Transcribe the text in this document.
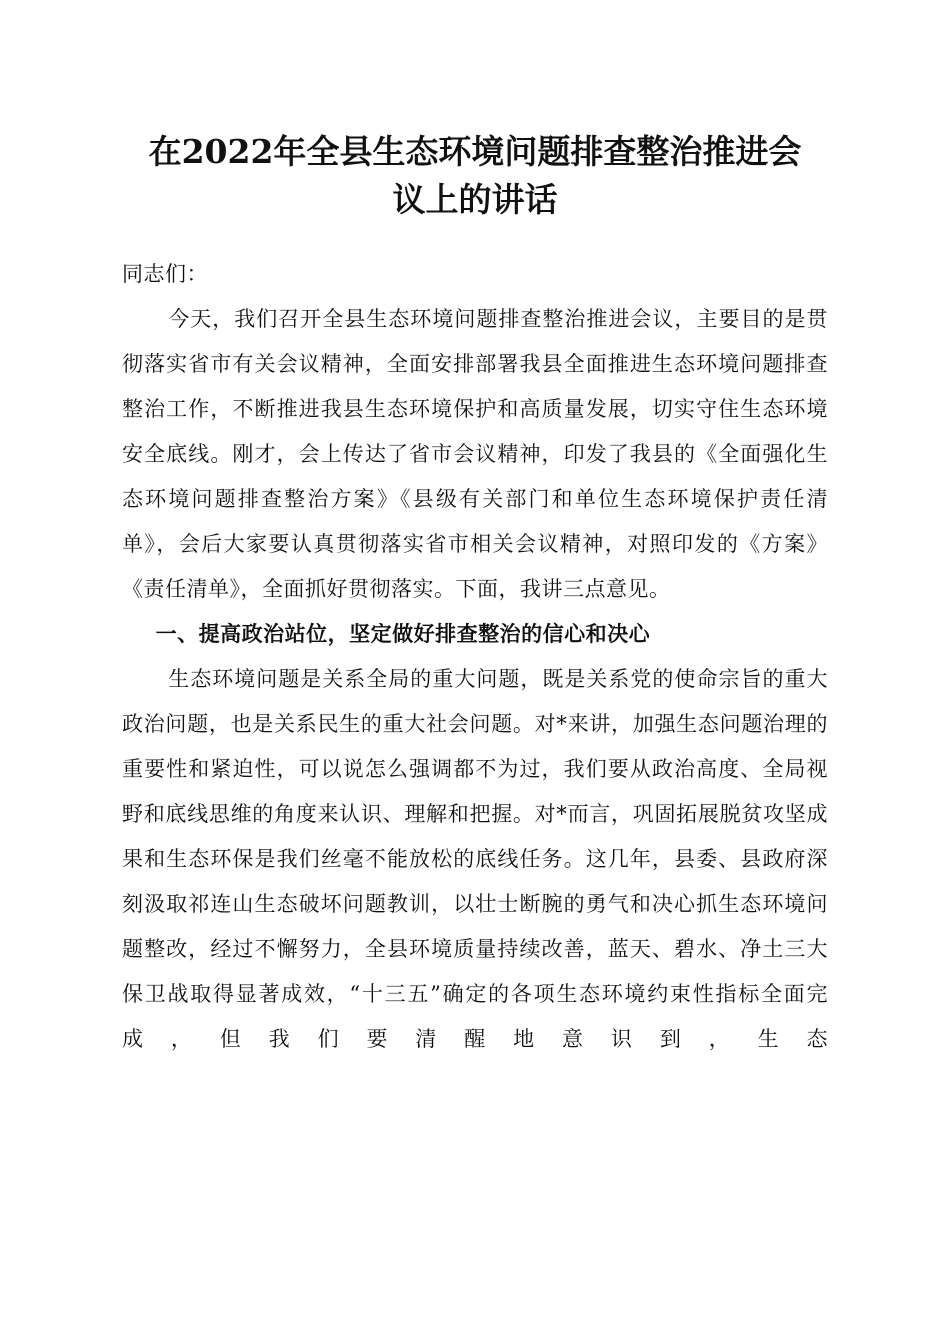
在2022年全县生态环境问题排查整治推进会
议上的讲话

同志们：

今天，我们召开全县生态环境问题排查整治推进会议，主要目的是贯彻落实省市有关会议精神，全面安排部署我县全面推进生态环境问题排查整治工作，不断推进我县生态环境保护和高质量发展，切实守住生态环境安全底线。刚才，会上传达了省市会议精神，印发了我县的《全面强化生态环境问题排查整治方案》《县级有关部门和单位生态环境保护责任清单》，会后大家要认真贯彻落实省市相关会议精神，对照印发的《方案》《责任清单》，全面抓好贯彻落实。下面，我讲三点意见。

一、提高政治站位，坚定做好排查整治的信心和决心

生态环境问题是关系全局的重大问题，既是关系党的使命宗旨的重大政治问题，也是关系民生的重大社会问题。对*来讲，加强生态问题治理的重要性和紧迫性，可以说怎么强调都不为过，我们要从政治高度、全局视野和底线思维的角度来认识、理解和把握。对*而言，巩固拓展脱贫攻坚成果和生态环保是我们丝毫不能放松的底线任务。这几年，县委、县政府深刻汲取祁连山生态破坏问题教训，以壮士断腕的勇气和决心抓生态环境问题整改，经过不懈努力，全县环境质量持续改善，蓝天、碧水、净土三大保卫战取得显著成效，“十三五”确定的各项生态环境约束性指标全面完成，但我们要清醒地意识到，生态
